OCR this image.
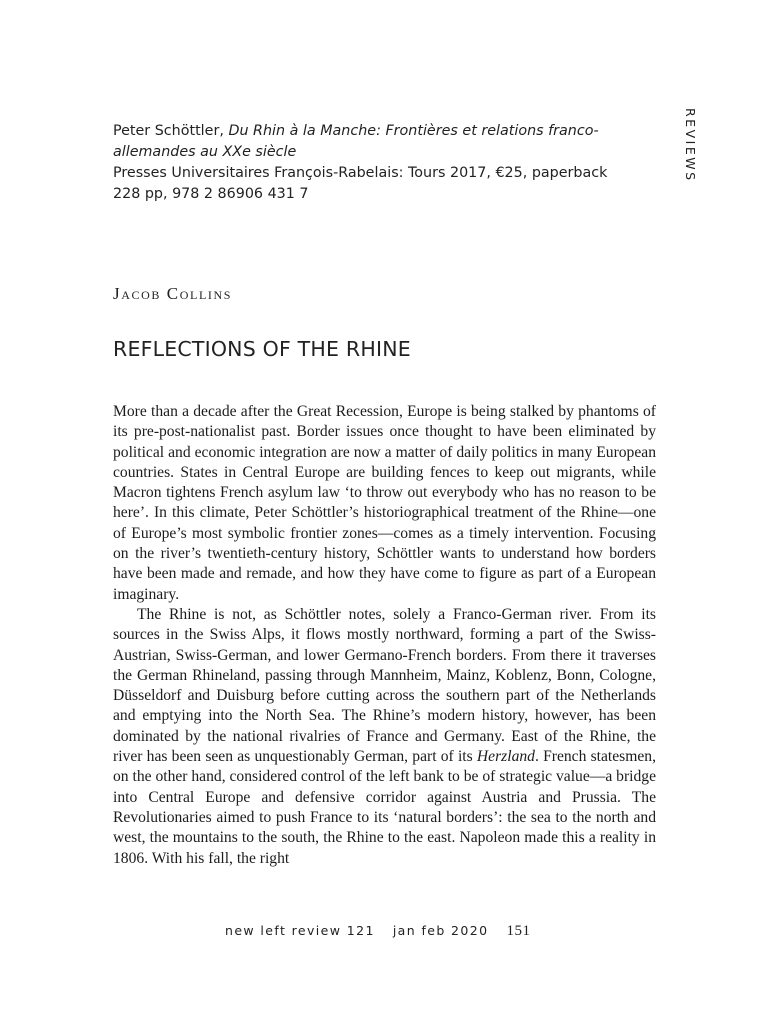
REVIEWS
Peter Schöttler, Du Rhin à la Manche: Frontières et relations franco-
allemandes au XXe siècle
Presses Universitaires François-Rabelais: Tours 2017, €25, paperback
228 pp, 978 2 86906 431 7
Jacob Collins
REFLECTIONS OF THE RHINE

More than a decade after the Great Recession, Europe is being stalked by phantoms of its pre-post-nationalist past. Border issues once thought to have been eliminated by political and economic integration are now a matter of daily politics in many European countries. States in Central Europe are building fences to keep out migrants, while Macron tightens French asylum law ‘to throw out everybody who has no reason to be here’. In this climate, Peter Schöttler’s historiographical treatment of the Rhine—one of Europe’s most symbolic frontier zones—comes as a timely intervention. Focusing on the river’s twentieth-century history, Schöttler wants to understand how borders have been made and remade, and how they have come to figure as part of a European imaginary.

The Rhine is not, as Schöttler notes, solely a Franco-German river. From its sources in the Swiss Alps, it flows mostly northward, forming a part of the Swiss-Austrian, Swiss-German, and lower Germano-French borders. From there it traverses the German Rhineland, passing through Mannheim, Mainz, Koblenz, Bonn, Cologne, Düsseldorf and Duisburg before cutting across the southern part of the Netherlands and emptying into the North Sea. The Rhine’s modern history, however, has been dominated by the national rivalries of France and Germany. East of the Rhine, the river has been seen as unquestionably German, part of its Herzland. French statesmen, on the other hand, considered control of the left bank to be of strategic value—a bridge into Central Europe and defensive corridor against Austria and Prussia. The Revolutionaries aimed to push France to its ‘natural borders’: the sea to the north and west, the mountains to the south, the Rhine to the east. Napoleon made this a reality in 1806. With his fall, the right

new left review 121 jan feb 2020 151
